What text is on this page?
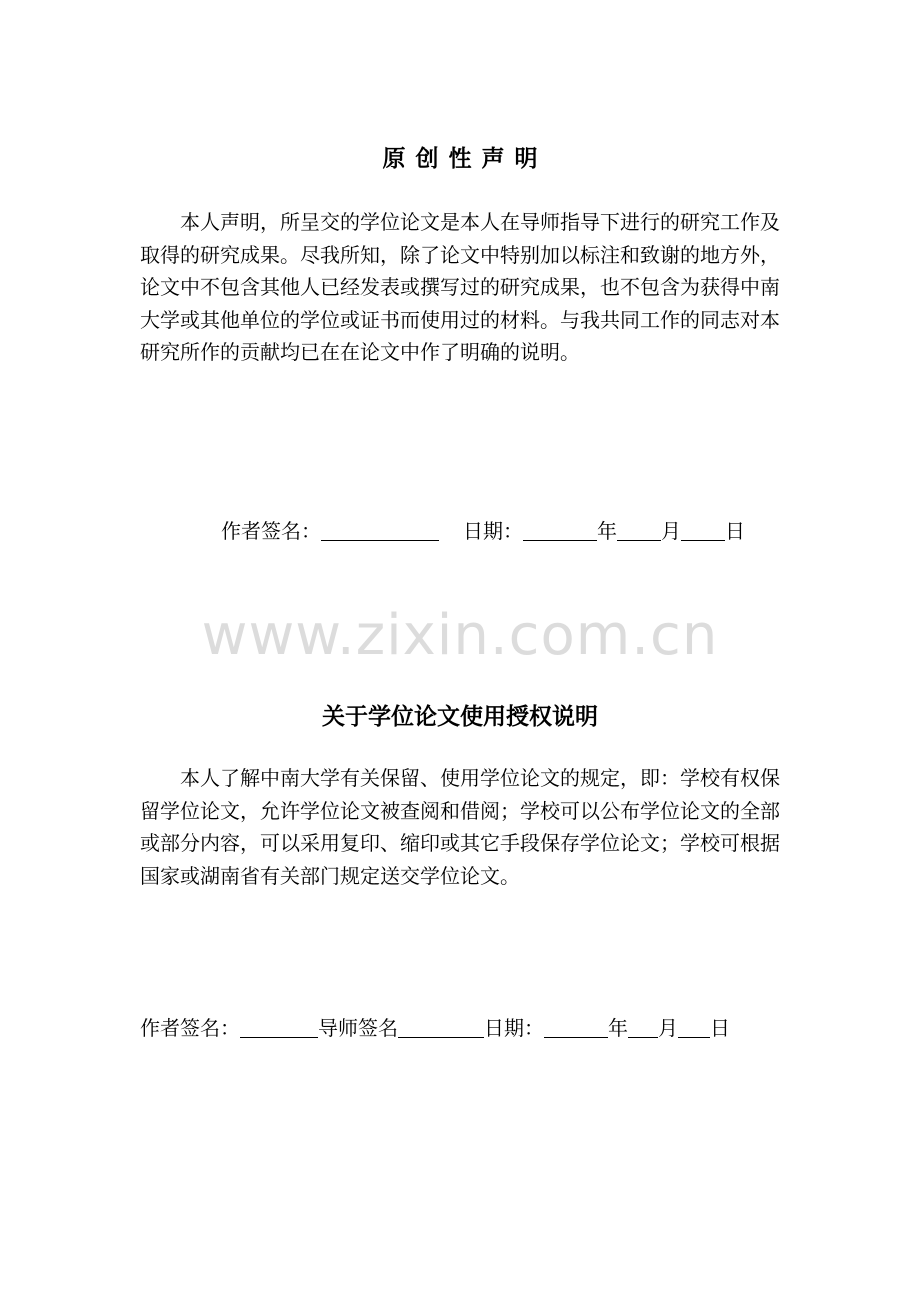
原创性声明

本人声明，所呈交的学位论文是本人在导师指导下进行的研究工作及取得的研究成果。尽我所知，除了论文中特别加以标注和致谢的地方外，论文中不包含其他人已经发表或撰写过的研究成果，也不包含为获得中南大学或其他单位的学位或证书而使用过的材料。与我共同工作的同志对本研究所作的贡献均已在在论文中作了明确的说明。

作者签名：	日期：	年 月 日
www.zixin.com.cn
关于学位论文使用授权说明

本人了解中南大学有关保留、使用学位论文的规定，即：学校有权保留学位论文，允许学位论文被查阅和借阅；学校可以公布学位论文的全部或部分内容，可以采用复印、缩印或其它手段保存学位论文；学校可根据国家或湖南省有关部门规定送交学位论文。

作者签名：	导师签名	日期：	年 月 日
